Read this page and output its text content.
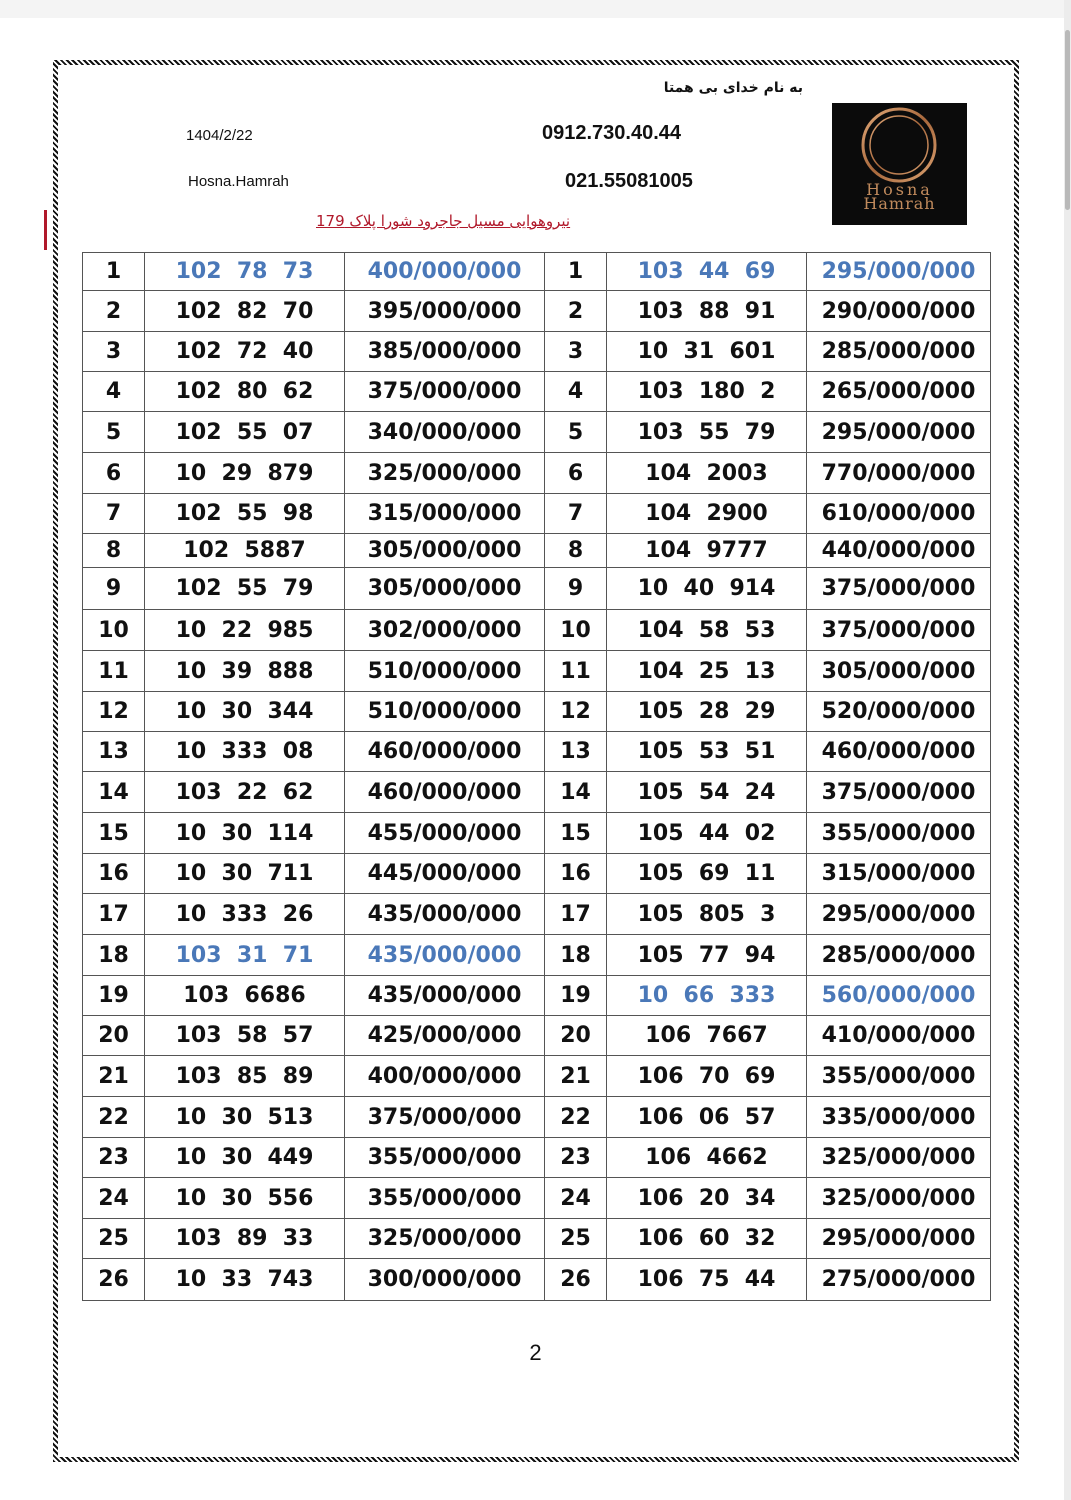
به نام خدای بی همتا
1404/2/22
Hosna.Hamrah
0912.730.40.44
021.55081005
نیروهوایی مسیل جاجرود شورا پلاک 179
Hosna
Hamrah
1	102  78  73	400/000/000	1	103  44  69	295/000/000
2	102  82  70	395/000/000	2	103  88  91	290/000/000
3	102  72  40	385/000/000	3	10  31  601	285/000/000
4	102  80  62	375/000/000	4	103  180  2	265/000/000
5	102  55  07	340/000/000	5	103  55  79	295/000/000
6	10  29  879	325/000/000	6	104  2003	770/000/000
7	102  55  98	315/000/000	7	104  2900	610/000/000
8	102  5887	305/000/000	8	104  9777	440/000/000
9	102  55  79	305/000/000	9	10  40  914	375/000/000
10	10  22  985	302/000/000	10	104  58  53	375/000/000
11	10  39  888	510/000/000	11	104  25  13	305/000/000
12	10  30  344	510/000/000	12	105  28  29	520/000/000
13	10  333  08	460/000/000	13	105  53  51	460/000/000
14	103  22  62	460/000/000	14	105  54  24	375/000/000
15	10  30  114	455/000/000	15	105  44  02	355/000/000
16	10  30  711	445/000/000	16	105  69  11	315/000/000
17	10  333  26	435/000/000	17	105  805  3	295/000/000
18	103  31  71	435/000/000	18	105  77  94	285/000/000
19	103  6686	435/000/000	19	10  66  333	560/000/000
20	103  58  57	425/000/000	20	106  7667	410/000/000
21	103  85  89	400/000/000	21	106  70  69	355/000/000
22	10  30  513	375/000/000	22	106  06  57	335/000/000
23	10  30  449	355/000/000	23	106  4662	325/000/000
24	10  30  556	355/000/000	24	106  20  34	325/000/000
25	103  89  33	325/000/000	25	106  60  32	295/000/000
26	10  33  743	300/000/000	26	106  75  44	275/000/000
2
